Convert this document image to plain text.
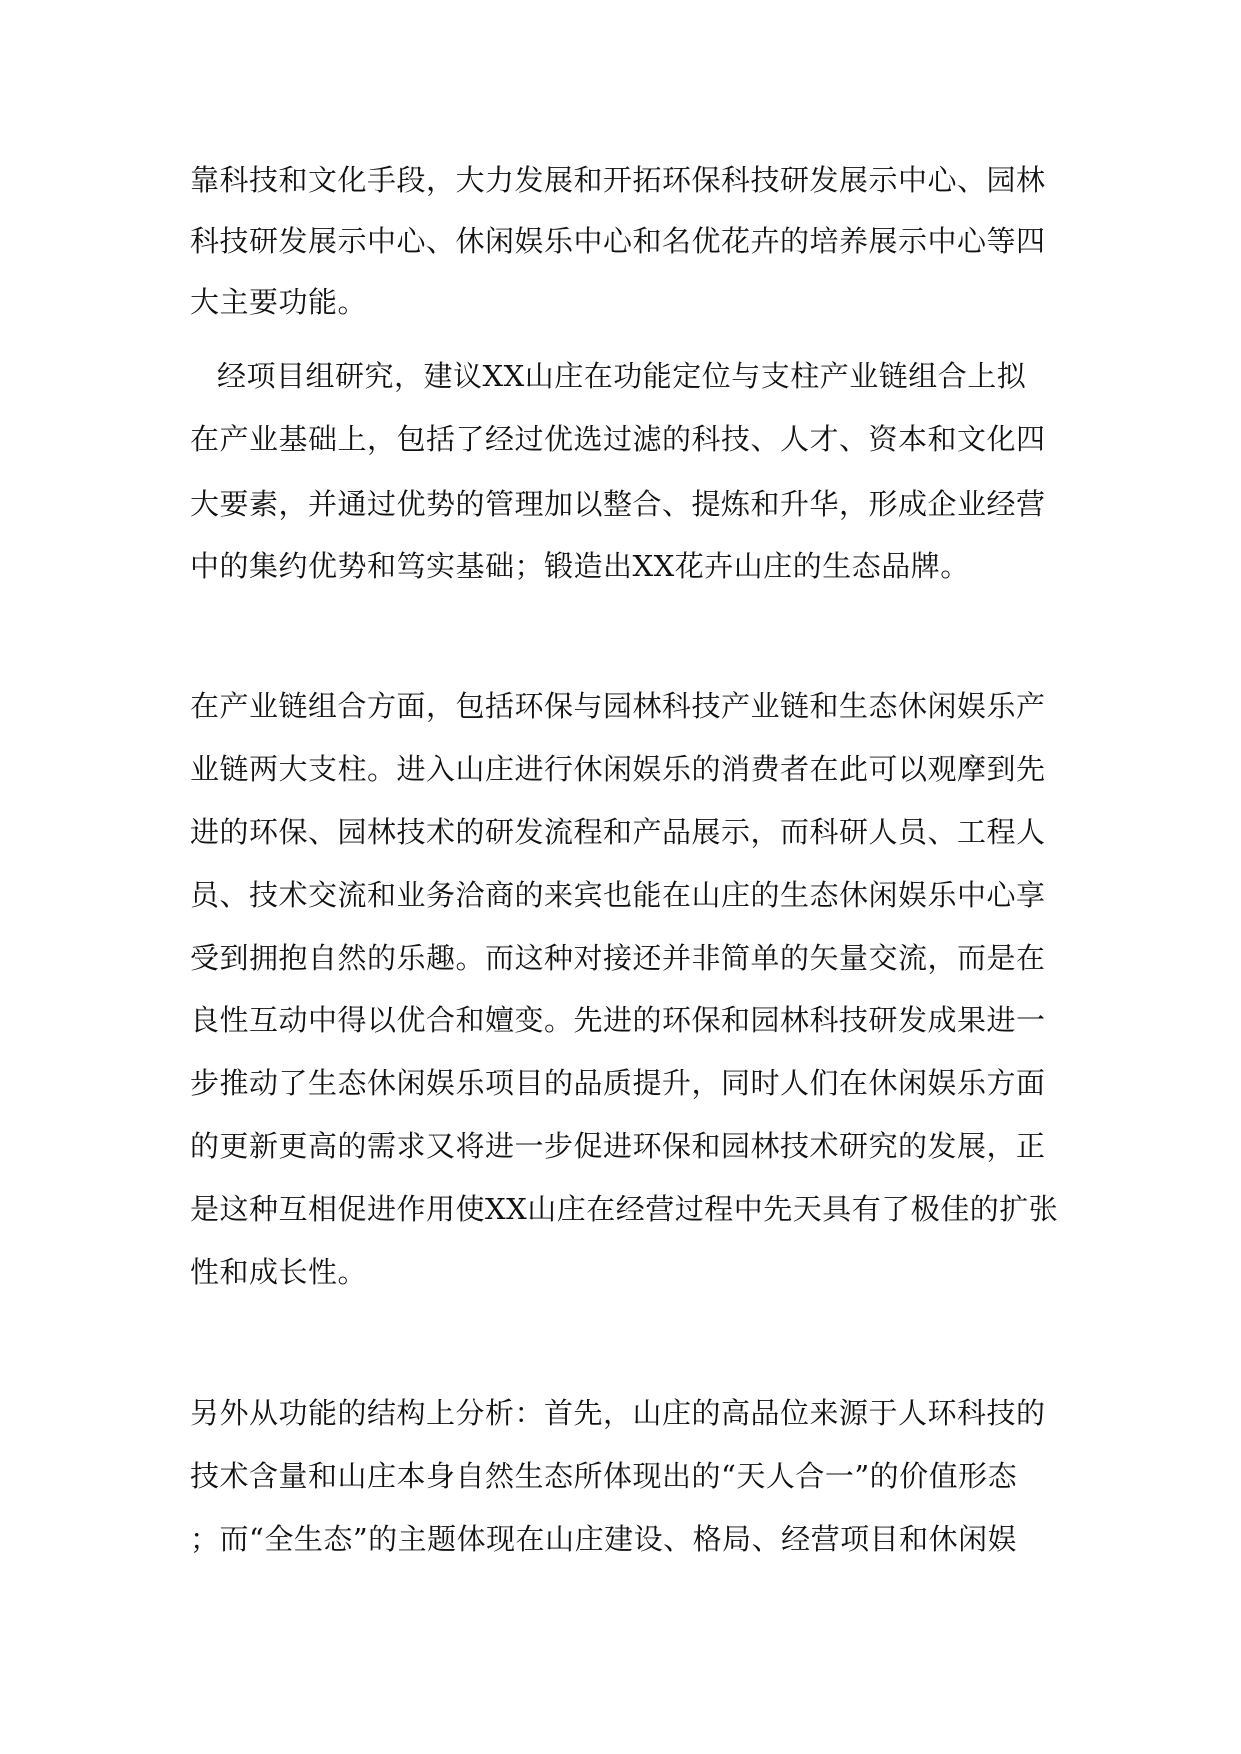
靠科技和文化手段，大力发展和开拓环保科技研发展示中心、园林

科技研发展示中心、休闲娱乐中心和名优花卉的培养展示中心等四

大主要功能。

经项目组研究，建议XX山庄在功能定位与支柱产业链组合上拟

在产业基础上，包括了经过优选过滤的科技、人才、资本和文化四

大要素，并通过优势的管理加以整合、提炼和升华，形成企业经营

中的集约优势和笃实基础；锻造出XX花卉山庄的生态品牌。

在产业链组合方面，包括环保与园林科技产业链和生态休闲娱乐产

业链两大支柱。进入山庄进行休闲娱乐的消费者在此可以观摩到先

进的环保、园林技术的研发流程和产品展示，而科研人员、工程人

员、技术交流和业务洽商的来宾也能在山庄的生态休闲娱乐中心享

受到拥抱自然的乐趣。而这种对接还并非简单的矢量交流，而是在

良性互动中得以优合和嬗变。先进的环保和园林科技研发成果进一

步推动了生态休闲娱乐项目的品质提升，同时人们在休闲娱乐方面

的更新更高的需求又将进一步促进环保和园林技术研究的发展，正

是这种互相促进作用使XX山庄在经营过程中先天具有了极佳的扩张

性和成长性。

另外从功能的结构上分析：首先，山庄的高品位来源于人环科技的

技术含量和山庄本身自然生态所体现出的“天人合一”的价值形态

；而“全生态”的主题体现在山庄建设、格局、经营项目和休闲娱
